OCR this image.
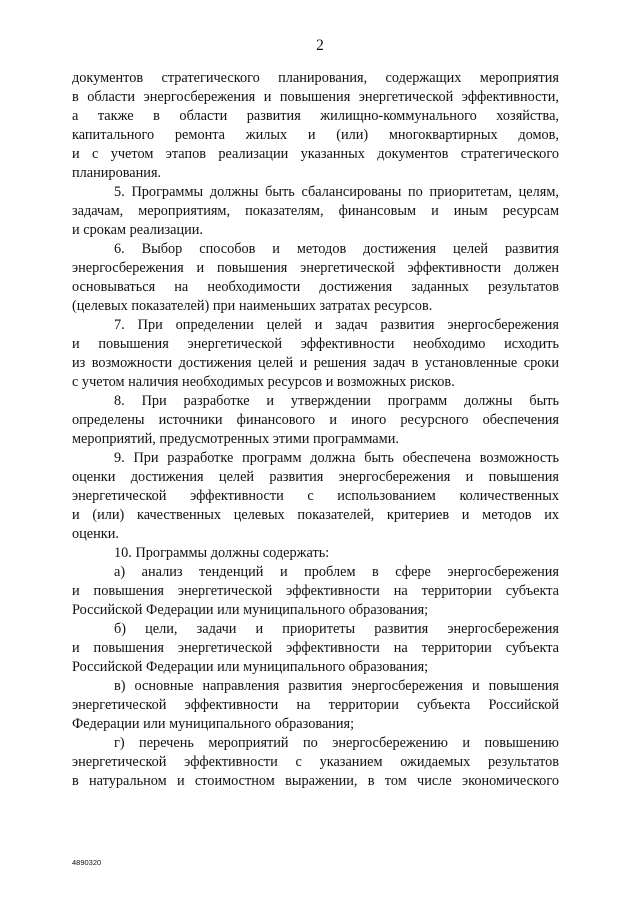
2
документов стратегического планирования, содержащих мероприятия
в области энергосбережения и повышения энергетической эффективности,
а также в области развития жилищно-коммунального хозяйства,
капитального ремонта жилых и (или) многоквартирных домов,
и с учетом этапов реализации указанных документов стратегического
планирования.
5. Программы должны быть сбалансированы по приоритетам, целям,
задачам, мероприятиям, показателям, финансовым и иным ресурсам
и срокам реализации.
6. Выбор способов и методов достижения целей развития
энергосбережения и повышения энергетической эффективности должен
основываться на необходимости достижения заданных результатов
(целевых показателей) при наименьших затратах ресурсов.
7. При определении целей и задач развития энергосбережения
и повышения энергетической эффективности необходимо исходить
из возможности достижения целей и решения задач в установленные сроки
с учетом наличия необходимых ресурсов и возможных рисков.
8. При разработке и утверждении программ должны быть
определены источники финансового и иного ресурсного обеспечения
мероприятий, предусмотренных этими программами.
9. При разработке программ должна быть обеспечена возможность
оценки достижения целей развития энергосбережения и повышения
энергетической эффективности с использованием количественных
и (или) качественных целевых показателей, критериев и методов их
оценки.
10. Программы должны содержать:
а) анализ тенденций и проблем в сфере энергосбережения
и повышения энергетической эффективности на территории субъекта
Российской Федерации или муниципального образования;
б) цели, задачи и приоритеты развития энергосбережения
и повышения энергетической эффективности на территории субъекта
Российской Федерации или муниципального образования;
в) основные направления развития энергосбережения и повышения
энергетической эффективности на территории субъекта Российской
Федерации или муниципального образования;
г) перечень мероприятий по энергосбережению и повышению
энергетической эффективности с указанием ожидаемых результатов
в натуральном и стоимостном выражении, в том числе экономического
4890320
